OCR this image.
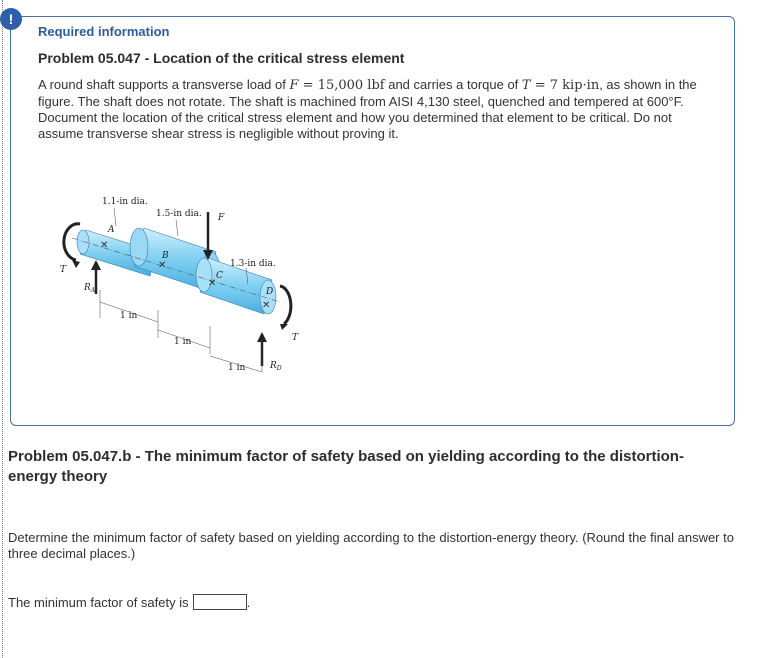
!
Required information
Problem 05.047 - Location of the critical stress element
A round shaft supports a transverse load of F = 15,000 lbf and carries a torque of T = 7 kip·in, as shown in the figure. The shaft does not rotate. The shaft is machined from AISI 4,130 steel, quenched and tempered at 600°F. Document the location of the critical stress element and how you determined that element to be critical. Do not assume transverse shear stress is negligible without proving it.
✕
✕
✕
✕
1.1-in dia.
1.5-in dia.
1.3-in dia.
F
T
T
$R_A$
$R_D$
A
B
C
D
1 in
1 in
1 in
Problem 05.047.b - The minimum factor of safety based on yielding according to the distortion-energy theory
Determine the minimum factor of safety based on yielding according to the distortion-energy theory. (Round the final answer to three decimal places.)
The minimum factor of safety is	.
